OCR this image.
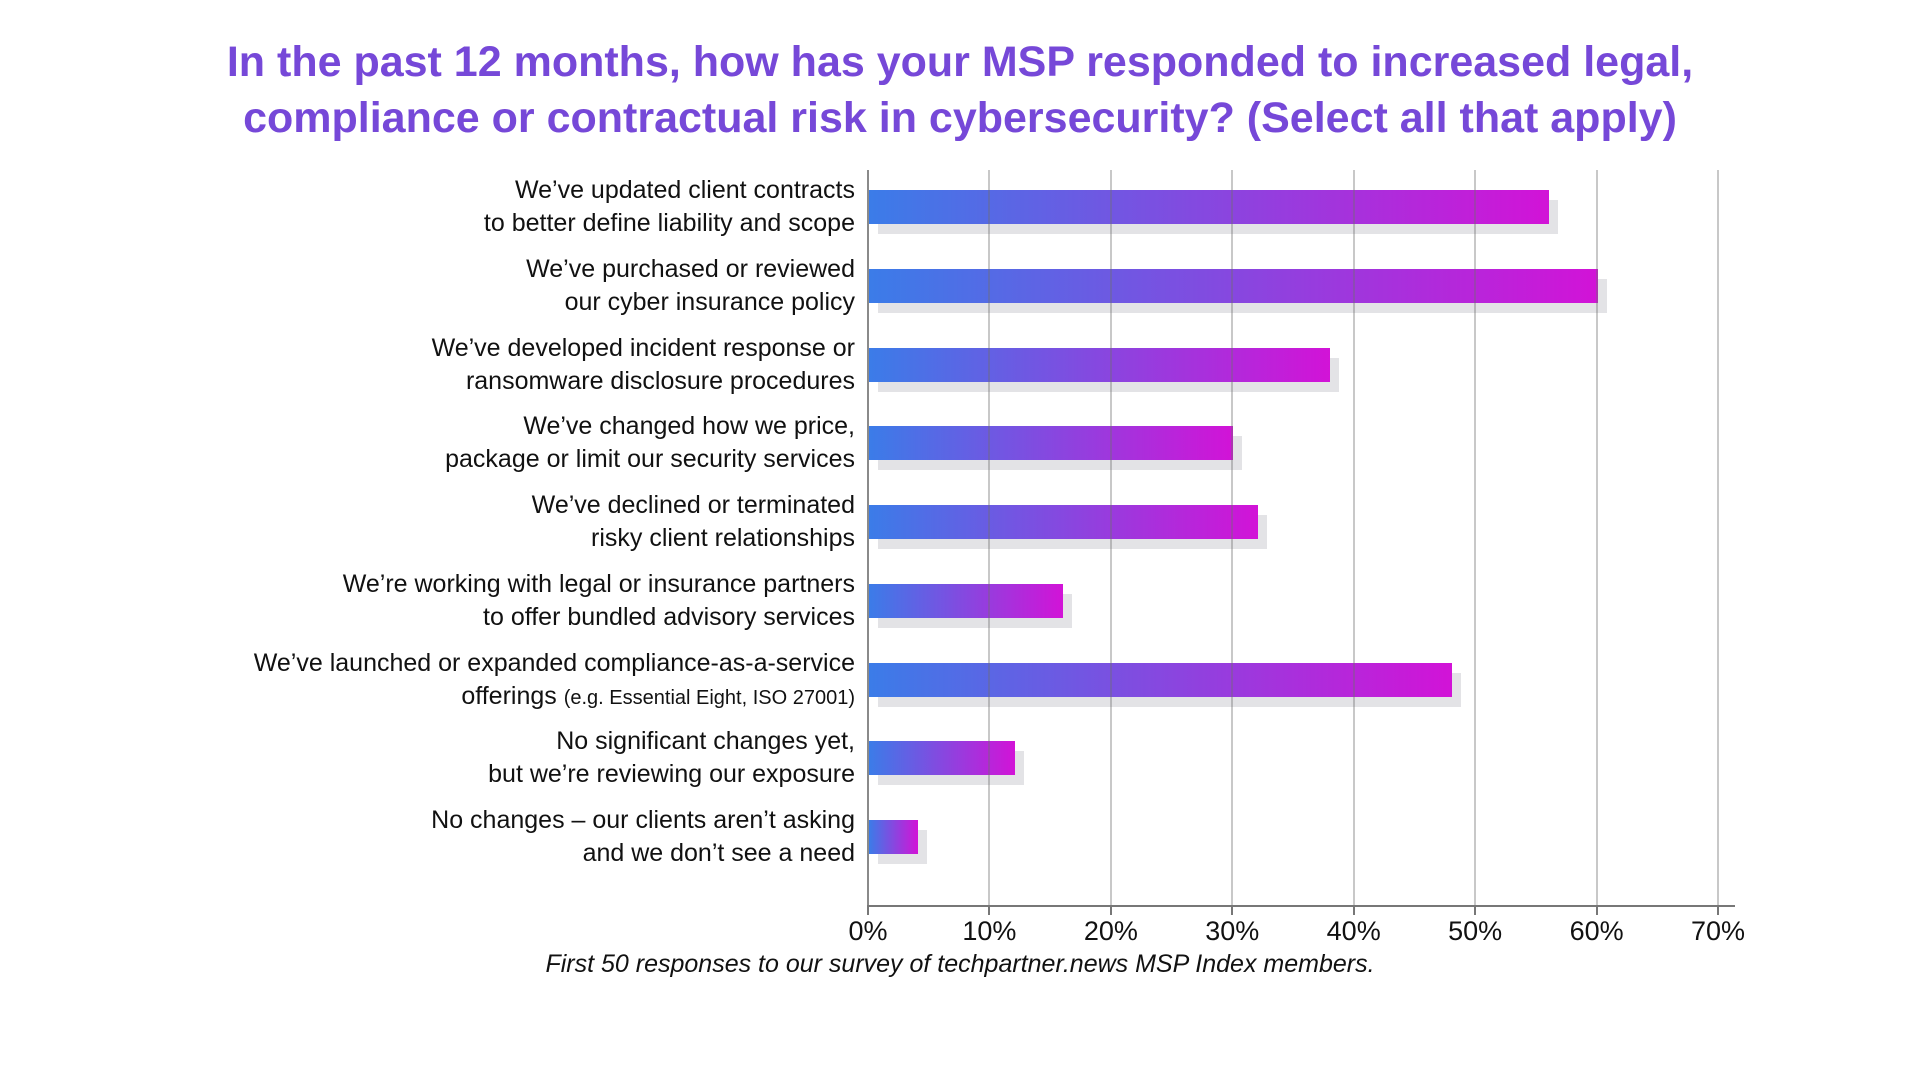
In the past 12 months, how has your MSP responded to increased legal,
compliance or contractual risk in cybersecurity? (Select all that apply)
We’ve updated client contracts
to better define liability and scope
We’ve purchased or reviewed
our cyber insurance policy
We’ve developed incident response or
ransomware disclosure procedures
We’ve changed how we price,
package or limit our security services
We’ve declined or terminated
risky client relationships
We’re working with legal or insurance partners
to offer bundled advisory services
We’ve launched or expanded compliance-as-a-service
offerings (e.g. Essential Eight, ISO 27001)
No significant changes yet,
but we’re reviewing our exposure
No changes – our clients aren’t asking
and we don’t see a need
0%	10%	20%	30%	40%	50%	60%	70%
First 50 responses to our survey of techpartner.news MSP Index members.
